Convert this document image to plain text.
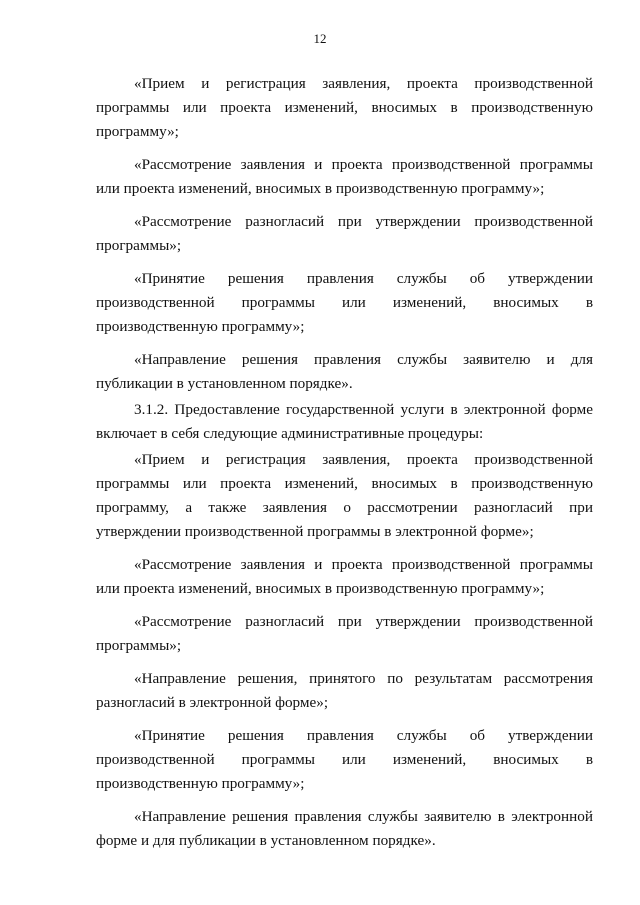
12

«Прием и регистрация заявления, проекта производственной программы или проекта изменений, вносимых в производственную программу»;

«Рассмотрение заявления и проекта производственной программы или проекта изменений, вносимых в производственную программу»;

«Рассмотрение разногласий при утверждении производственной программы»;

«Принятие решения правления службы об утверждении производственной программы или изменений, вносимых в производственную программу»;

«Направление решения правления службы заявителю и для публикации в установленном порядке».

3.1.2. Предоставление государственной услуги в электронной форме включает в себя следующие административные процедуры:

«Прием и регистрация заявления, проекта производственной программы или проекта изменений, вносимых в производственную программу, а также заявления о рассмотрении разногласий при утверждении производственной программы в электронной форме»;

«Рассмотрение заявления и проекта производственной программы или проекта изменений, вносимых в производственную программу»;

«Рассмотрение разногласий при утверждении производственной программы»;

«Направление решения, принятого по результатам рассмотрения разногласий в электронной форме»;

«Принятие решения правления службы об утверждении производственной программы или изменений, вносимых в производственную программу»;

«Направление решения правления службы заявителю в электронной форме и для публикации в установленном порядке».
